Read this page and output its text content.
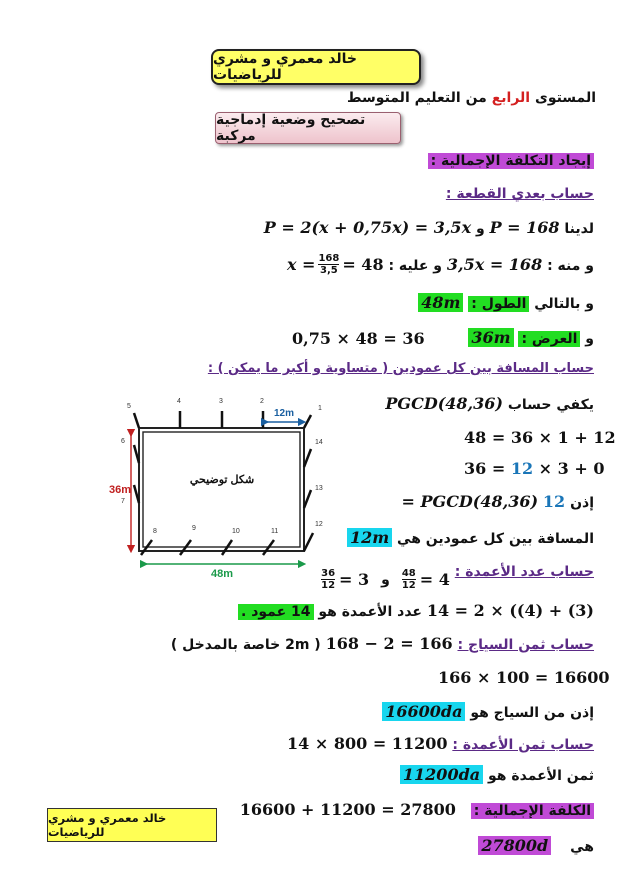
خالد معمري و مشري للرياضيات
المستوى الرابع من التعليم المتوسط
تصحيح وضعية إدماجية مركبة
إيجاد التكلفة الإجمالية :
حساب بعدي القطعة :
لدينا P = 168 و P = 2(x + 0,75x) = 3,5x
و منه : 3,5x = 168 و عليه :
$x = \frac{168}{3,5} = 48$
و بالتالي الطول : 48m
و العرض : 36m
0,75 × 48 = 36
حساب المسافة بين كل عمودين ( متساوية و أكبر ما يمكن ) :
يكفي حساب PGCD(48,36)
48 = 36 × 1 + 12
36 = 12 × 3 + 0
إذن 12 = PGCD(48,36)
المسافة بين كل عمودين هي 12m
12m
36m
48m
شكل توضيحي
1
2
3
4
5
6
7
8	9	10	11
12
13
14
حساب عدد الأعمدة :
$\frac{36}{12} = 3$ و $\frac{48}{12} = 4$
14 = 2 × ((4) + (3) عدد الأعمدة هو 14 عمود .
حساب ثمن السياج : 168 − 2 = 166 ( 2m خاصة بالمدخل )
166 × 100 = 16600
إذن من السياج هو 16600da
حساب ثمن الأعمدة : 14 × 800 = 11200
ثمن الأعمدة هو 11200da
الكلفة الإجمالية : 16600 + 11200 = 27800
هي 27800d
خالد معمري و مشري للرياضيات
